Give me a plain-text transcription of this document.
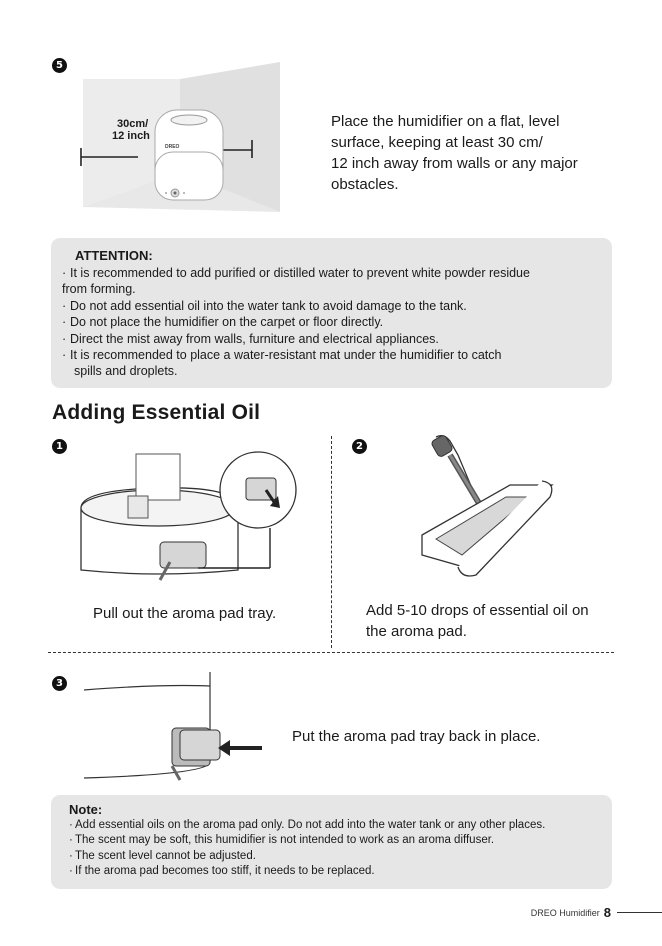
5
DREO
30cm/
12 inch
Place the humidifier on a flat, level
surface, keeping at least 30 cm/
12 inch away from walls or any major
obstacles.
ATTENTION:
· It is recommended to add purified or distilled water to prevent white powder residue
from forming.
· Do not add essential oil into the water tank to avoid damage to the tank.
· Do not place the humidifier on the carpet or floor directly.
· Direct the mist away from walls, furniture and electrical appliances.
· It is recommended to place a water-resistant mat under the humidifier to catch
spills and droplets.
Adding Essential Oil
1
Pull out the aroma pad tray.
2
Add 5-10 drops of essential oil on
the aroma pad.
3
Put the aroma pad tray back in place.
Note:
· Add essential oils on the aroma pad only. Do not add into the water tank or any other places.
· The scent may be soft, this humidifier is not intended to work as an aroma diffuser.
· The scent level cannot be adjusted.
· If the aroma pad becomes too stiff, it needs to be replaced.
DREO Humidifier 8
